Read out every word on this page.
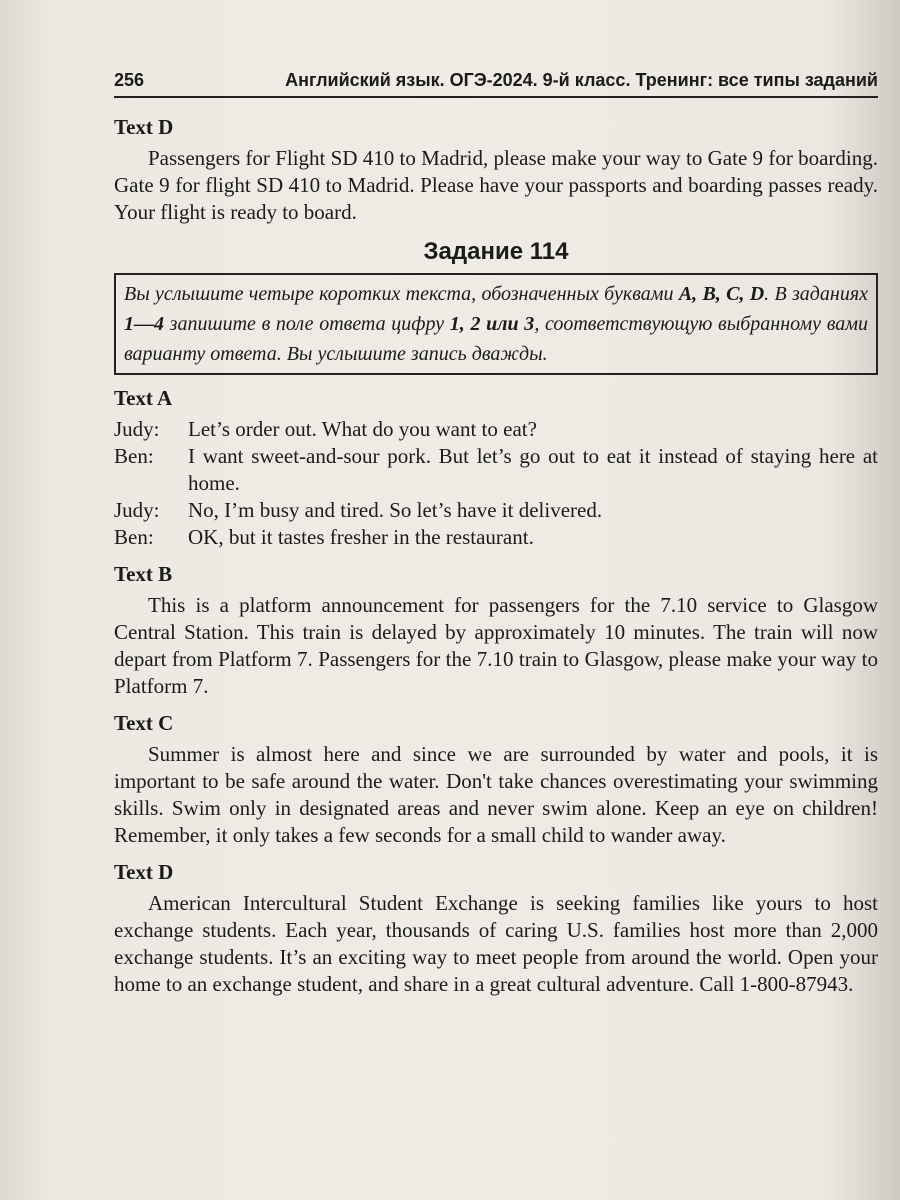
256	Английский язык. ОГЭ-2024. 9-й класс. Тренинг: все типы заданий
Text D

Passengers for Flight SD 410 to Madrid, please make your way to Gate 9 for boarding. Gate 9 for flight SD 410 to Madrid. Please have your passports and boarding passes ready. Your flight is ready to board.

Задание 114
Вы услышите четыре коротких текста, обозначенных буквами A, B, C, D. В заданиях 1—4 запишите в поле ответа цифру 1, 2 или 3, соответствующую выбранному вами варианту ответа. Вы услышите запись дважды.
Text A
Judy:	Let’s order out. What do you want to eat?
Ben:	I want sweet-and-sour pork. But let’s go out to eat it instead of staying here at home.
Judy:	No, I’m busy and tired. So let’s have it delivered.
Ben:	OK, but it tastes fresher in the restaurant.
Text B

This is a platform announcement for passengers for the 7.10 service to Glasgow Central Station. This train is delayed by approximately 10 minutes. The train will now depart from Platform 7. Passengers for the 7.10 train to Glasgow, please make your way to Platform 7.

Text C

Summer is almost here and since we are surrounded by water and pools, it is important to be safe around the water. Don't take chances overestimating your swimming skills. Swim only in designated areas and never swim alone. Keep an eye on children! Remember, it only takes a few seconds for a small child to wander away.

Text D

American Intercultural Student Exchange is seeking families like yours to host exchange students. Each year, thousands of caring U.S. families host more than 2,000 exchange students. It’s an exciting way to meet people from around the world. Open your home to an exchange student, and share in a great cultural adventure. Call 1-800-87943.
